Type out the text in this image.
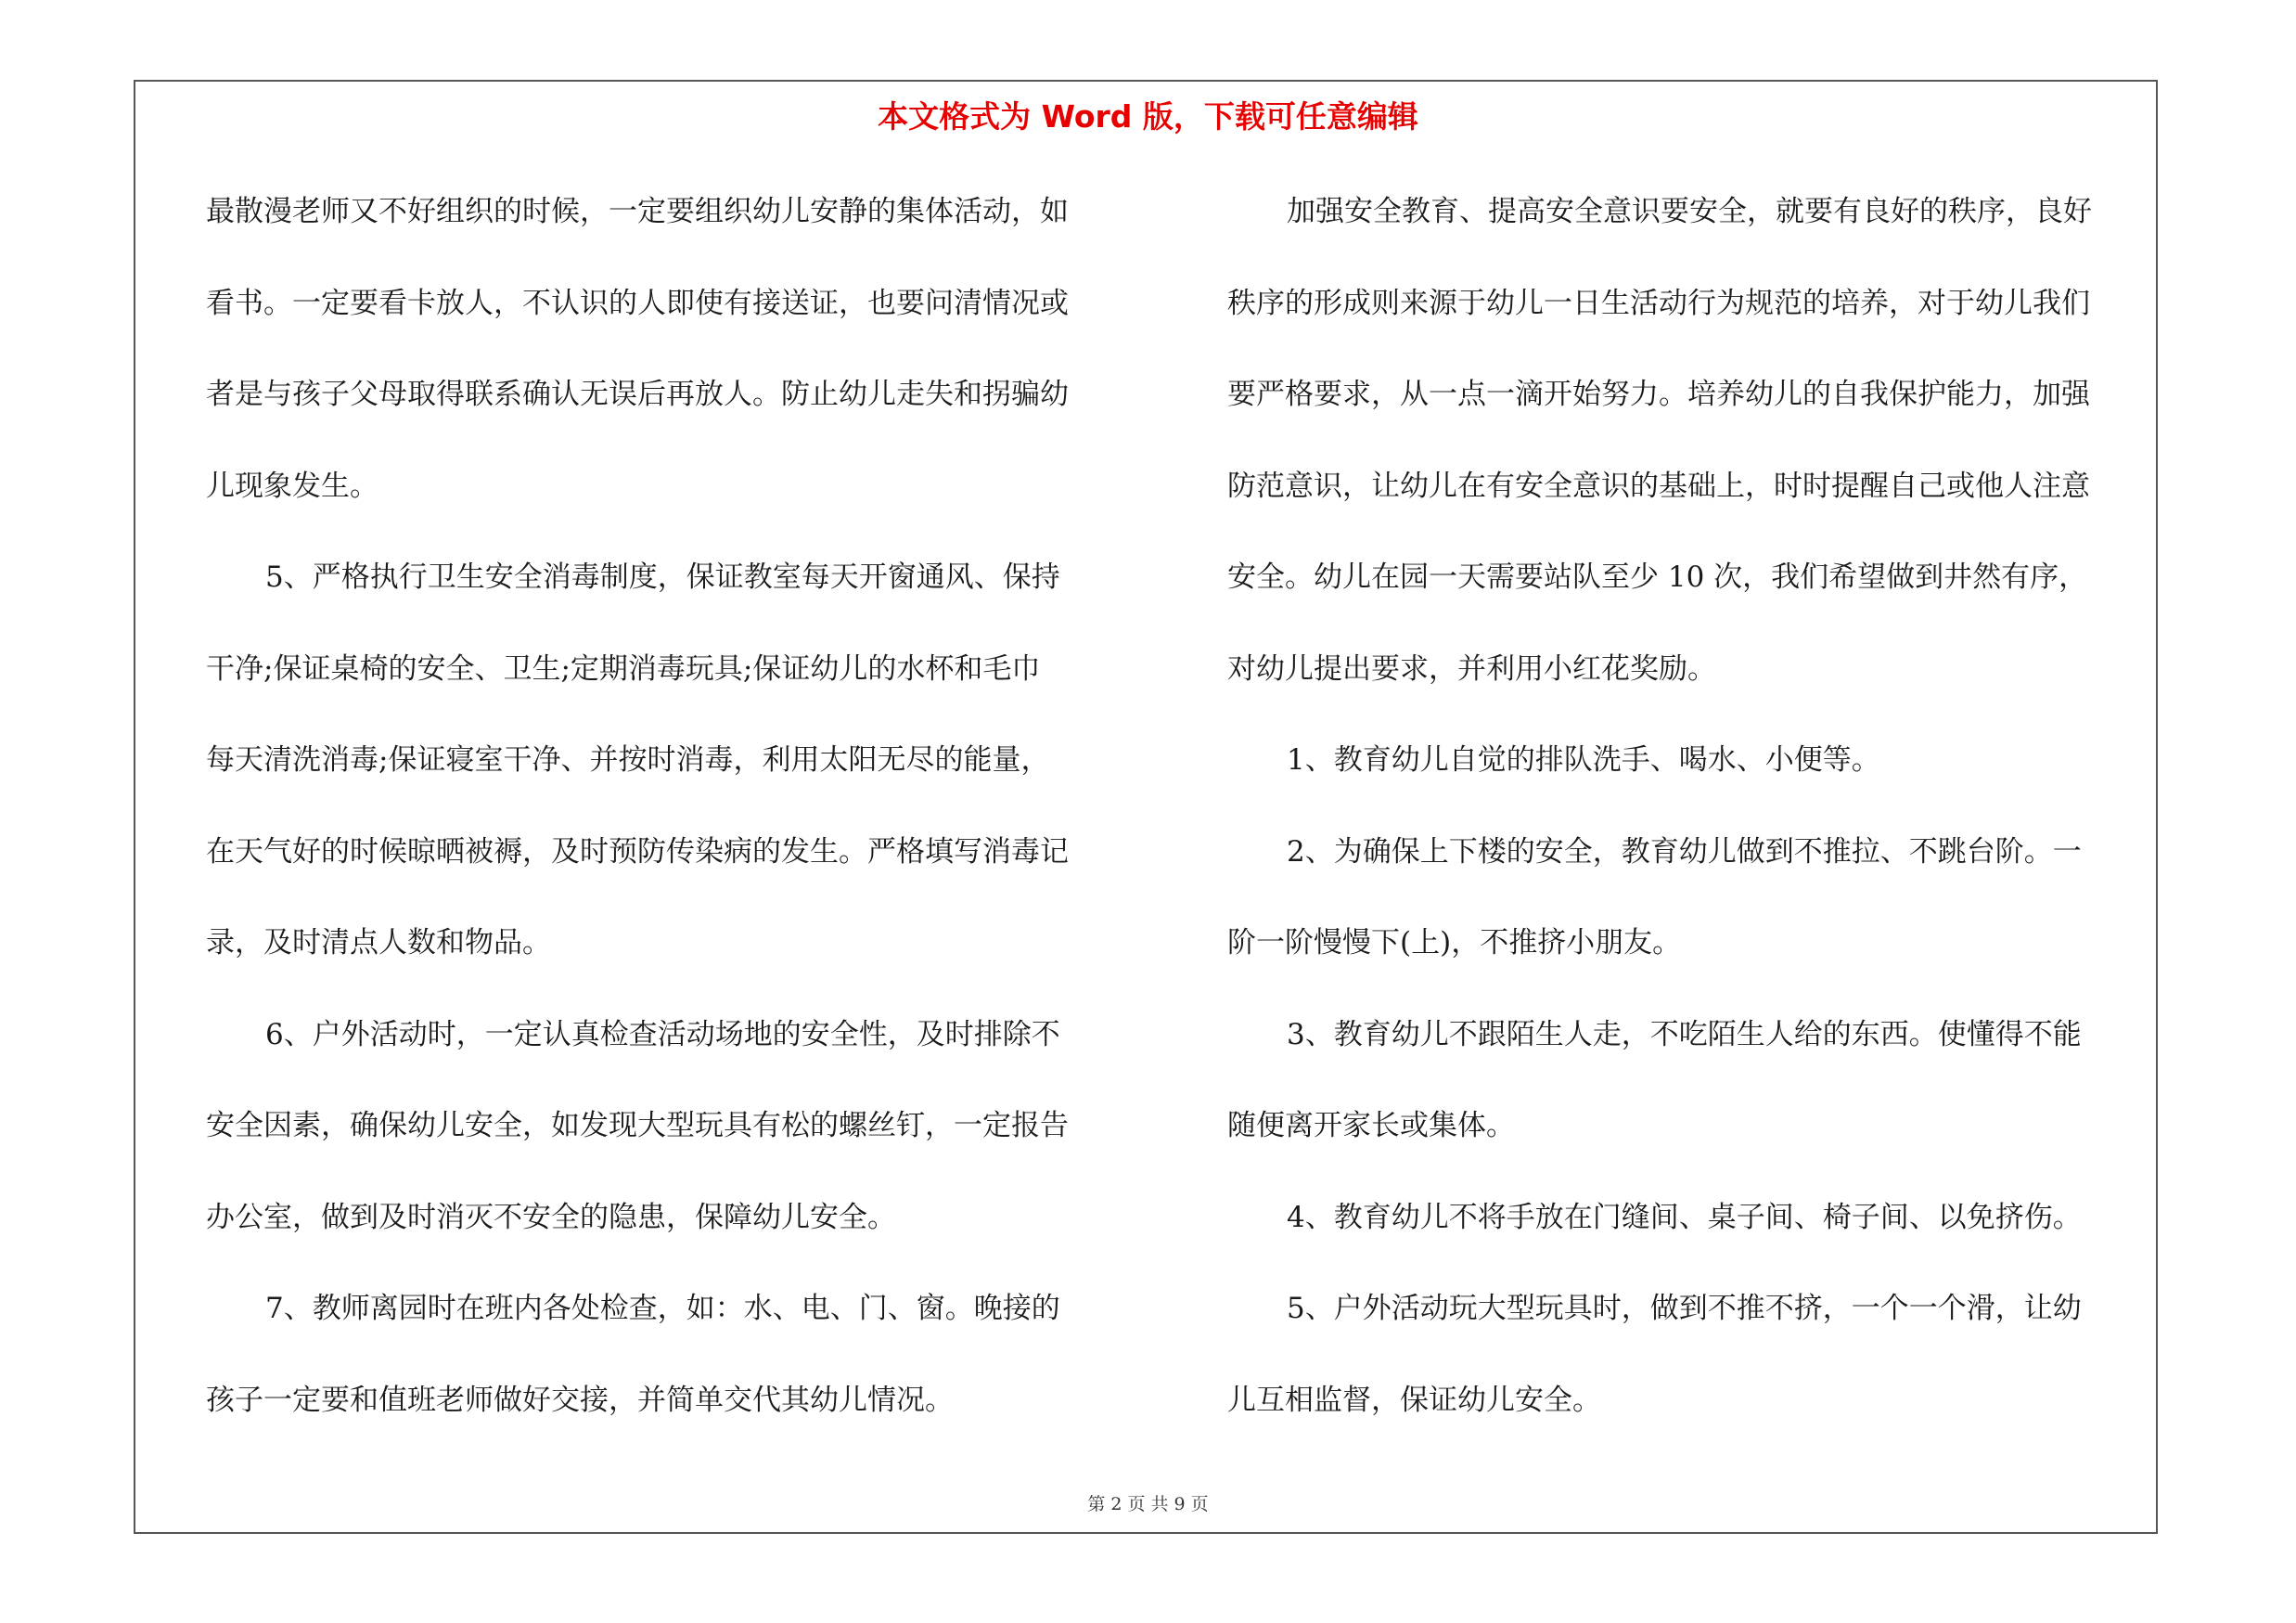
本文格式为 Word 版，下载可任意编辑
最散漫老师又不好组织的时候，一定要组织幼儿安静的集体活动，如
看书。一定要看卡放人，不认识的人即使有接送证，也要问清情况或
者是与孩子父母取得联系确认无误后再放人。防止幼儿走失和拐骗幼
儿现象发生。
5、严格执行卫生安全消毒制度，保证教室每天开窗通风、保持
干净;保证桌椅的安全、卫生;定期消毒玩具;保证幼儿的水杯和毛巾
每天清洗消毒;保证寝室干净、并按时消毒，利用太阳无尽的能量，
在天气好的时候晾晒被褥，及时预防传染病的发生。严格填写消毒记
录，及时清点人数和物品。
6、户外活动时，一定认真检查活动场地的安全性，及时排除不
安全因素，确保幼儿安全，如发现大型玩具有松的螺丝钉，一定报告
办公室，做到及时消灭不安全的隐患，保障幼儿安全。
7、教师离园时在班内各处检查，如：水、电、门、窗。晚接的
孩子一定要和值班老师做好交接，并简单交代其幼儿情况。
加强安全教育、提高安全意识要安全，就要有良好的秩序，良好
秩序的形成则来源于幼儿一日生活动行为规范的培养，对于幼儿我们
要严格要求，从一点一滴开始努力。培养幼儿的自我保护能力，加强
防范意识，让幼儿在有安全意识的基础上，时时提醒自己或他人注意
安全。幼儿在园一天需要站队至少 10 次，我们希望做到井然有序，
对幼儿提出要求，并利用小红花奖励。
1、教育幼儿自觉的排队洗手、喝水、小便等。
2、为确保上下楼的安全，教育幼儿做到不推拉、不跳台阶。一
阶一阶慢慢下(上)，不推挤小朋友。
3、教育幼儿不跟陌生人走，不吃陌生人给的东西。使懂得不能
随便离开家长或集体。
4、教育幼儿不将手放在门缝间、桌子间、椅子间、以免挤伤。
5、户外活动玩大型玩具时，做到不推不挤，一个一个滑，让幼
儿互相监督，保证幼儿安全。
第 2 页 共 9 页
